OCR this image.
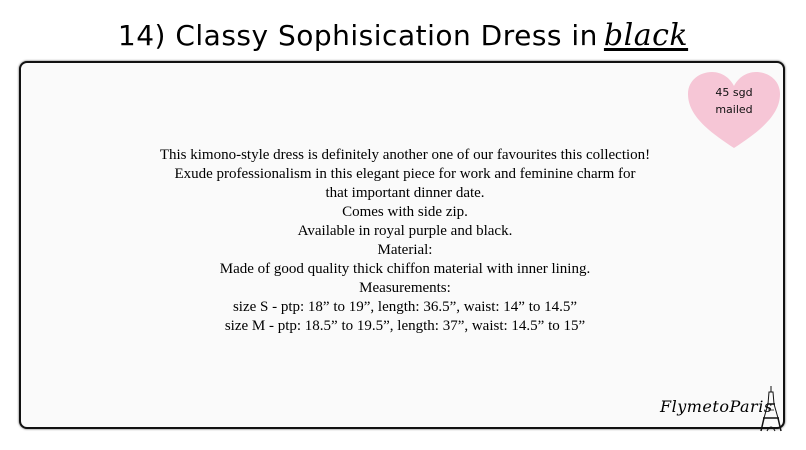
14) Classy Sophisication Dress in black
45 sgd
mailed
This kimono-style dress is definitely another one of our favourites this collection!
Exude professionalism in this elegant piece for work and feminine charm for
that important dinner date.
Comes with side zip.
Available in royal purple and black.
Material:
Made of good quality thick chiffon material with inner lining.
Measurements:
size S - ptp: 18” to 19”, length: 36.5”, waist: 14” to 14.5”
size M - ptp: 18.5” to 19.5”, length: 37”, waist: 14.5” to 15”
FlymetoParis
